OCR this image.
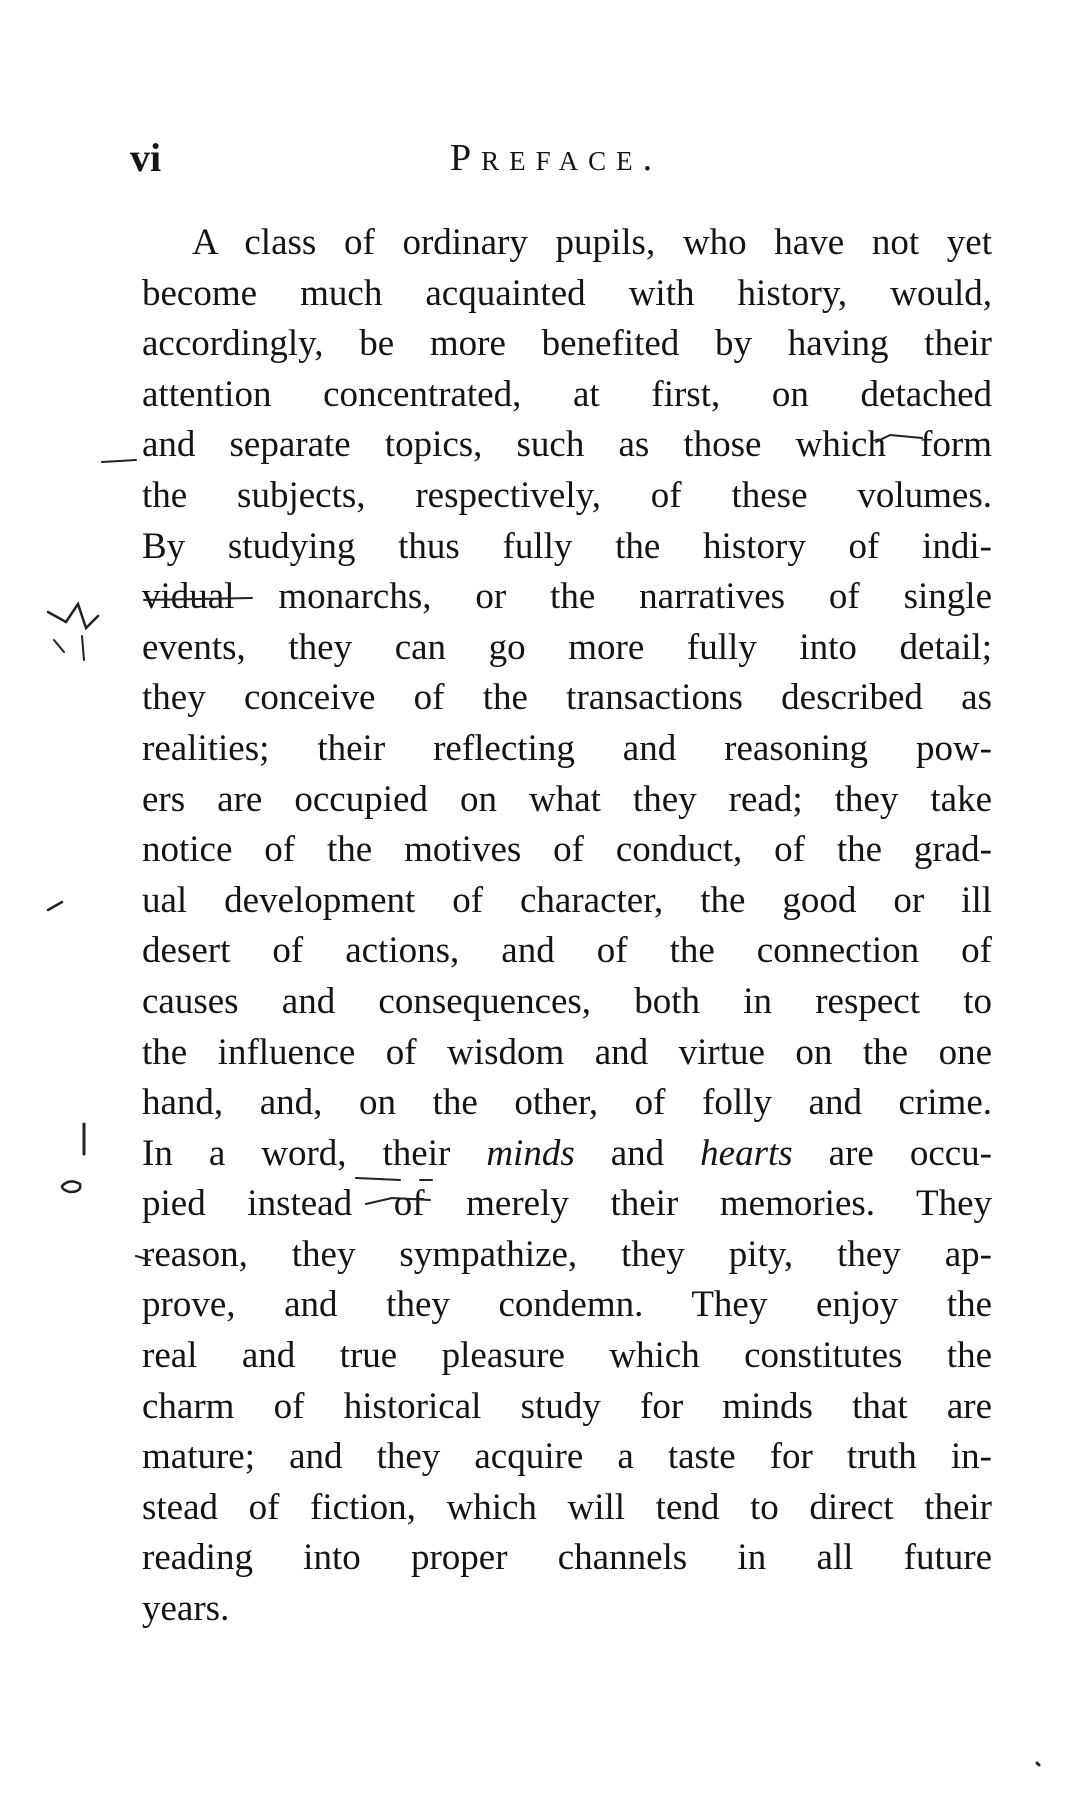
vi	Preface.
A class of ordinary pupils, who have not yet
become much acquainted with history, would,
accordingly, be more benefited by having their
attention concentrated, at first, on detached
and separate topics, such as those which form
the subjects, respectively, of these volumes.
By studying thus fully the history of indi-
vidual monarchs, or the narratives of single
events, they can go more fully into detail;
they conceive of the transactions described as
realities; their reflecting and reasoning pow-
ers are occupied on what they read; they take
notice of the motives of conduct, of the grad-
ual development of character, the good or ill
desert of actions, and of the connection of
causes and consequences, both in respect to
the influence of wisdom and virtue on the one
hand, and, on the other, of folly and crime.
In a word, their minds and hearts are occu-
pied instead of merely their memories. They
reason, they sympathize, they pity, they ap-
prove, and they condemn. They enjoy the
real and true pleasure which constitutes the
charm of historical study for minds that are
mature; and they acquire a taste for truth in-
stead of fiction, which will tend to direct their
reading into proper channels in all future
years.
